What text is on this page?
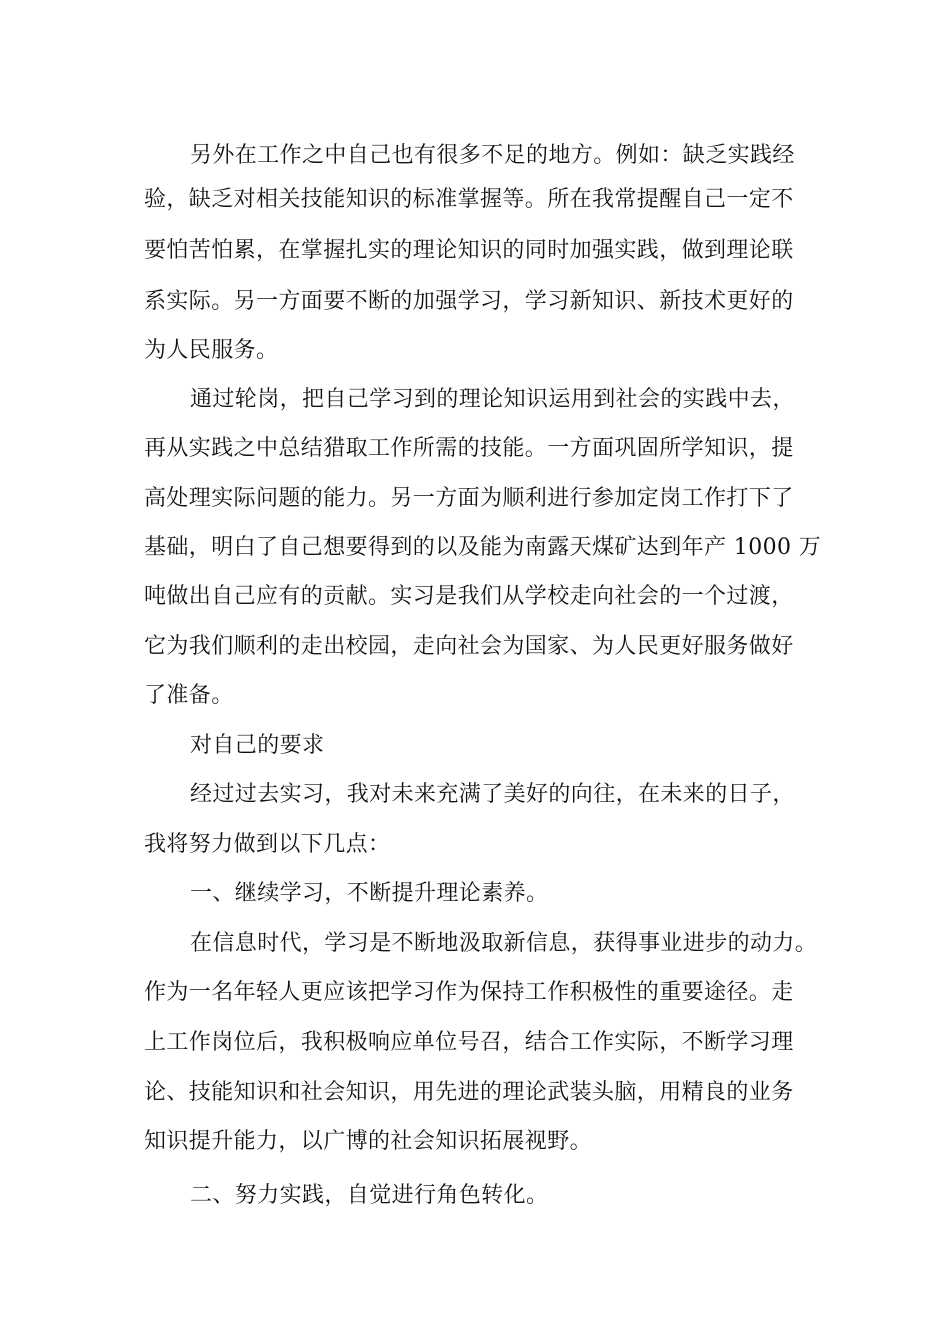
另外在工作之中自己也有很多不足的地方。例如：缺乏实践经
验，缺乏对相关技能知识的标准掌握等。所在我常提醒自己一定不
要怕苦怕累，在掌握扎实的理论知识的同时加强实践，做到理论联
系实际。另一方面要不断的加强学习，学习新知识、新技术更好的
为人民服务。
通过轮岗，把自己学习到的理论知识运用到社会的实践中去，
再从实践之中总结猎取工作所需的技能。一方面巩固所学知识，提
高处理实际问题的能力。另一方面为顺利进行参加定岗工作打下了
基础，明白了自己想要得到的以及能为南露天煤矿达到年产 1000 万
吨做出自己应有的贡献。实习是我们从学校走向社会的一个过渡，
它为我们顺利的走出校园，走向社会为国家、为人民更好服务做好
了准备。
对自己的要求
经过过去实习，我对未来充满了美好的向往，在未来的日子，
我将努力做到以下几点：
一、继续学习，不断提升理论素养。
在信息时代，学习是不断地汲取新信息，获得事业进步的动力。
作为一名年轻人更应该把学习作为保持工作积极性的重要途径。走
上工作岗位后，我积极响应单位号召，结合工作实际，不断学习理
论、技能知识和社会知识，用先进的理论武装头脑，用精良的业务
知识提升能力，以广博的社会知识拓展视野。
二、努力实践，自觉进行角色转化。
